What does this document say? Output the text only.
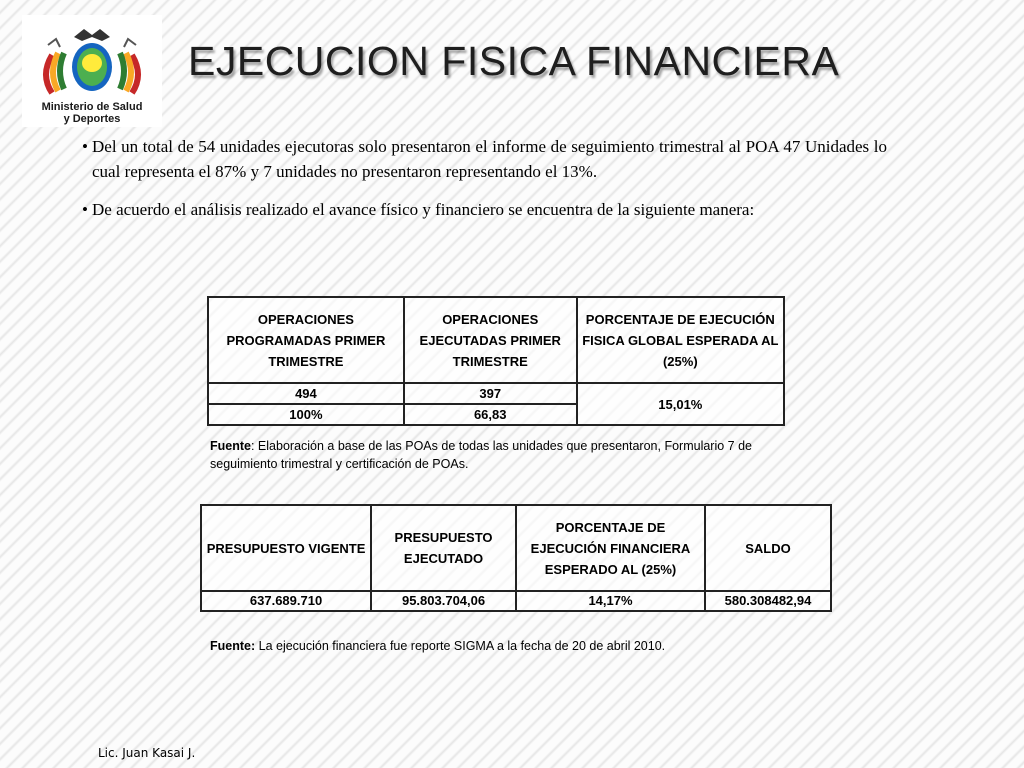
Ministerio de Salud
y Deportes
EJECUCION FISICA FINANCIERA
• Del un total de 54 unidades ejecutoras solo presentaron el informe de seguimiento trimestral al POA 47 Unidades lo cual representa el 87% y 7 unidades no presentaron representando el 13%.
• De acuerdo el análisis realizado el avance físico y financiero se encuentra de la siguiente manera:
OPERACIONES PROGRAMADAS PRIMER TRIMESTRE	OPERACIONES EJECUTADAS PRIMER TRIMESTRE	PORCENTAJE DE EJECUCIÓN FISICA GLOBAL ESPERADA AL (25%)
494	397	15,01%
100%	66,83	
Fuente: Elaboración a base de las POAs de todas las unidades que presentaron, Formulario 7 de seguimiento trimestral y certificación de POAs.
PRESUPUESTO VIGENTE	PRESUPUESTO EJECUTADO	PORCENTAJE DE EJECUCIÓN FINANCIERA ESPERADO AL (25%)	SALDO
637.689.710	95.803.704,06	14,17%	580.308482,94
Fuente: La ejecución financiera fue reporte SIGMA a la fecha de 20 de abril 2010.
Lic. Juan Kasai J.
